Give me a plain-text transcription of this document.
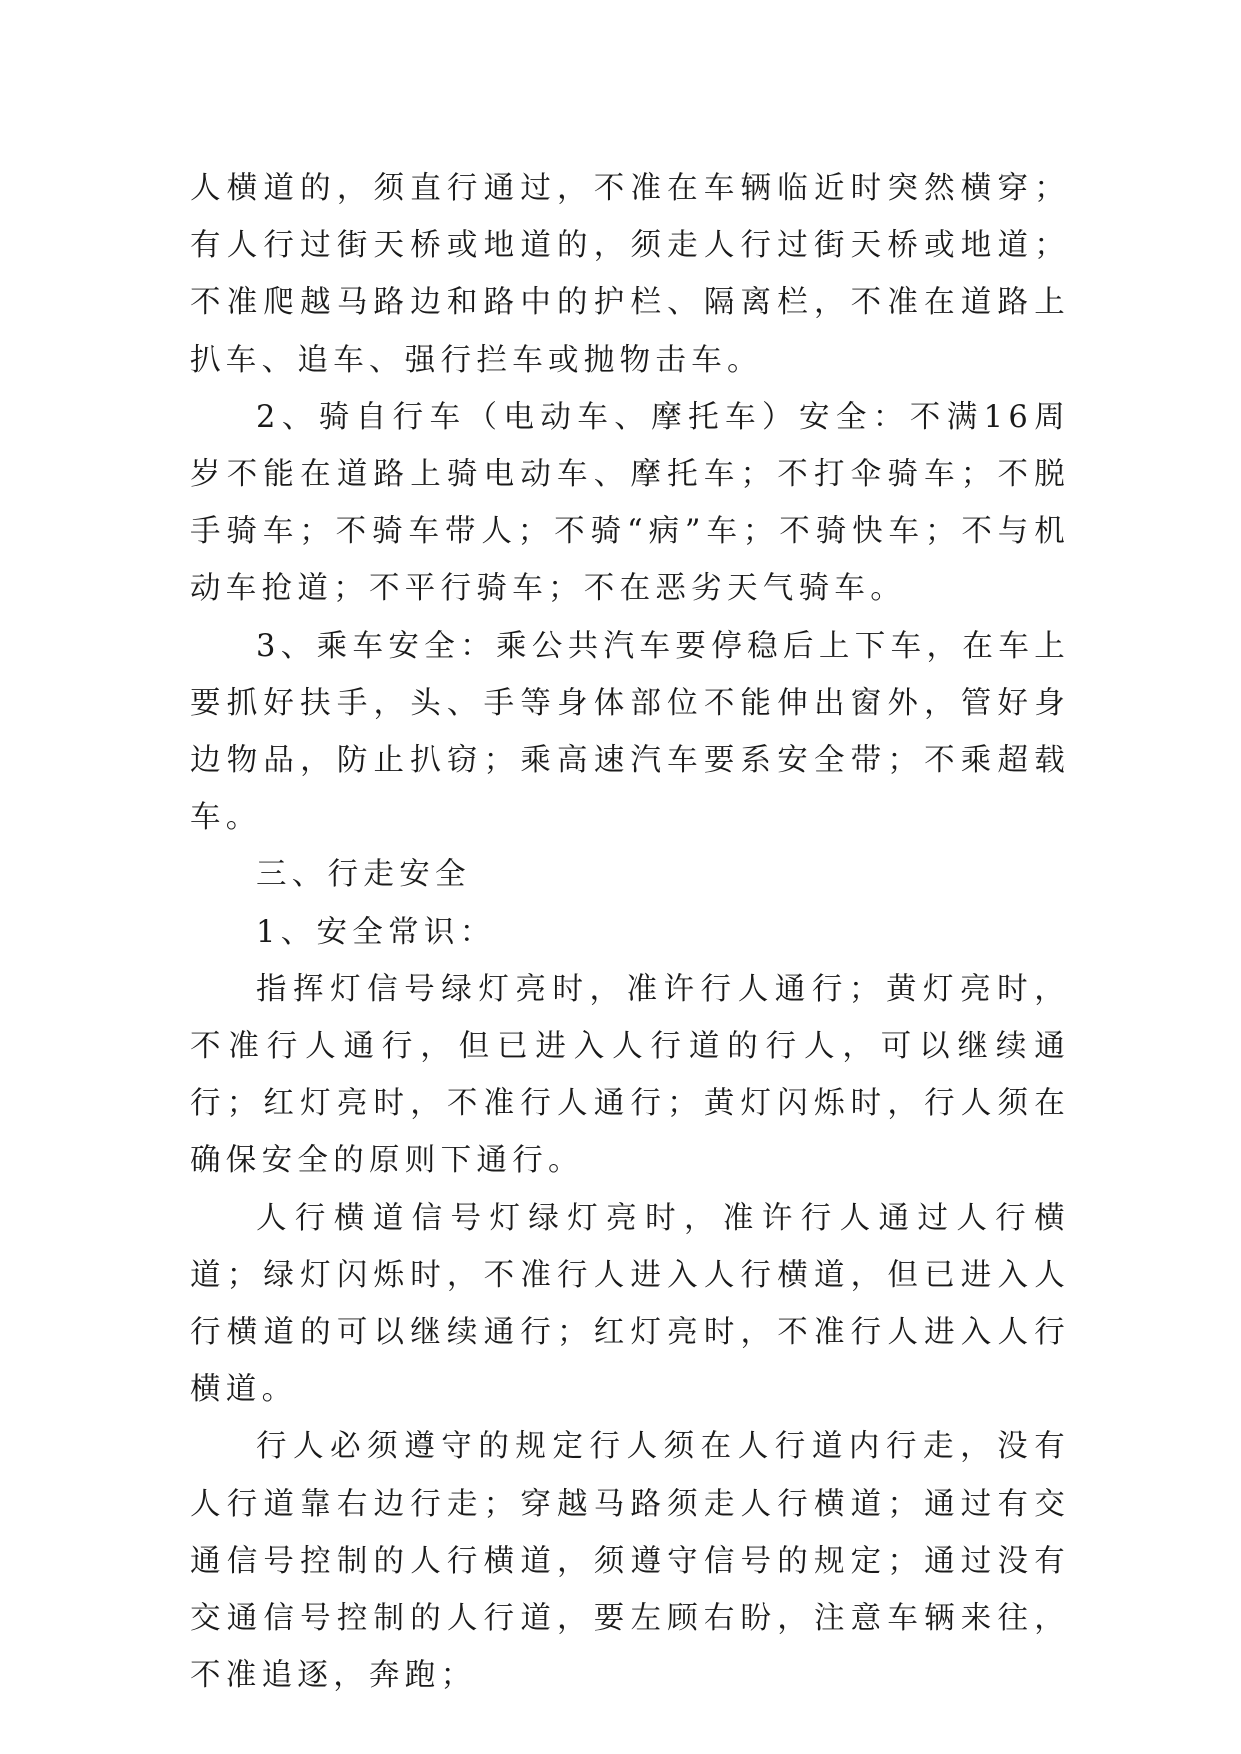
人横道的，须直行通过，不准在车辆临近时突然横穿；有人行过街天桥或地道的，须走人行过街天桥或地道；不准爬越马路边和路中的护栏、隔离栏，不准在道路上扒车、追车、强行拦车或抛物击车。

2、骑自行车（电动车、摩托车）安全：不满16周岁不能在道路上骑电动车、摩托车；不打伞骑车；不脱手骑车；不骑车带人；不骑“病”车；不骑快车；不与机动车抢道；不平行骑车；不在恶劣天气骑车。

3、乘车安全：乘公共汽车要停稳后上下车，在车上要抓好扶手，头、手等身体部位不能伸出窗外，管好身边物品，防止扒窃；乘高速汽车要系安全带；不乘超载车。

三、行走安全

1、安全常识：

指挥灯信号绿灯亮时，准许行人通行；黄灯亮时，不准行人通行，但已进入人行道的行人，可以继续通行；红灯亮时，不准行人通行；黄灯闪烁时，行人须在确保安全的原则下通行。

人行横道信号灯绿灯亮时，准许行人通过人行横道；绿灯闪烁时，不准行人进入人行横道，但已进入人行横道的可以继续通行；红灯亮时，不准行人进入人行横道。

行人必须遵守的规定行人须在人行道内行走，没有人行道靠右边行走；穿越马路须走人行横道；通过有交通信号控制的人行横道，须遵守信号的规定；通过没有交通信号控制的人行道，要左顾右盼，注意车辆来往，不准追逐，奔跑；
